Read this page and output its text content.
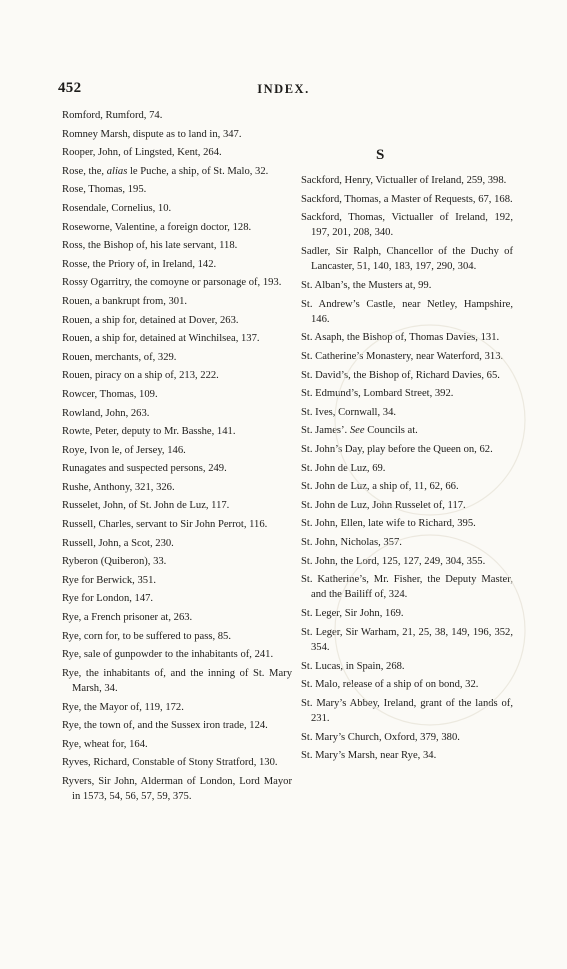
452	INDEX.
Romford, Rumford, 74.
Romney Marsh, dispute as to land in, 347.
Rooper, John, of Lingsted, Kent, 264.
Rose, the, alias le Puche, a ship, of St. Malo, 32.
Rose, Thomas, 195.
Rosendale, Cornelius, 10.
Roseworne, Valentine, a foreign doctor, 128.
Ross, the Bishop of, his late servant, 118.
Rosse, the Priory of, in Ireland, 142.
Rossy Ogarritry, the comoyne or parsonage of, 193.
Rouen, a bankrupt from, 301.
Rouen, a ship for, detained at Dover, 263.
Rouen, a ship for, detained at Winchilsea, 137.
Rouen, merchants, of, 329.
Rouen, piracy on a ship of, 213, 222.
Rowcer, Thomas, 109.
Rowland, John, 263.
Rowte, Peter, deputy to Mr. Basshe, 141.
Roye, Ivon le, of Jersey, 146.
Runagates and suspected persons, 249.
Rushe, Anthony, 321, 326.
Russelet, John, of St. John de Luz, 117.
Russell, Charles, servant to Sir John Perrot, 116.
Russell, John, a Scot, 230.
Ryberon (Quiberon), 33.
Rye for Berwick, 351.
Rye for London, 147.
Rye, a French prisoner at, 263.
Rye, corn for, to be suffered to pass, 85.
Rye, sale of gunpowder to the inhabitants of, 241.
Rye, the inhabitants of, and the inning of St. Mary Marsh, 34.
Rye, the Mayor of, 119, 172.
Rye, the town of, and the Sussex iron trade, 124.
Rye, wheat for, 164.
Ryves, Richard, Constable of Stony Stratford, 130.
Ryvers, Sir John, Alderman of London, Lord Mayor in 1573, 54, 56, 57, 59, 375.
S
Sackford, Henry, Victualler of Ireland, 259, 398.
Sackford, Thomas, a Master of Requests, 67, 168.
Sackford, Thomas, Victualler of Ireland, 192, 197, 201, 208, 340.
Sadler, Sir Ralph, Chancellor of the Duchy of Lancaster, 51, 140, 183, 197, 290, 304.
St. Alban’s, the Musters at, 99.
St. Andrew’s Castle, near Netley, Hampshire, 146.
St. Asaph, the Bishop of, Thomas Davies, 131.
St. Catherine’s Monastery, near Waterford, 313.
St. David’s, the Bishop of, Richard Davies, 65.
St. Edmund’s, Lombard Street, 392.
St. Ives, Cornwall, 34.
St. James’. See Councils at.
St. John’s Day, play before the Queen on, 62.
St. John de Luz, 69.
St. John de Luz, a ship of, 11, 62, 66.
St. John de Luz, John Russelet of, 117.
St. John, Ellen, late wife to Richard, 395.
St. John, Nicholas, 357.
St. John, the Lord, 125, 127, 249, 304, 355.
St. Katherine’s, Mr. Fisher, the Deputy Master, and the Bailiff of, 324.
St. Leger, Sir John, 169.
St. Leger, Sir Warham, 21, 25, 38, 149, 196, 352, 354.
St. Lucas, in Spain, 268.
St. Malo, release of a ship of on bond, 32.
St. Mary’s Abbey, Ireland, grant of the lands of, 231.
St. Mary’s Church, Oxford, 379, 380.
St. Mary’s Marsh, near Rye, 34.
